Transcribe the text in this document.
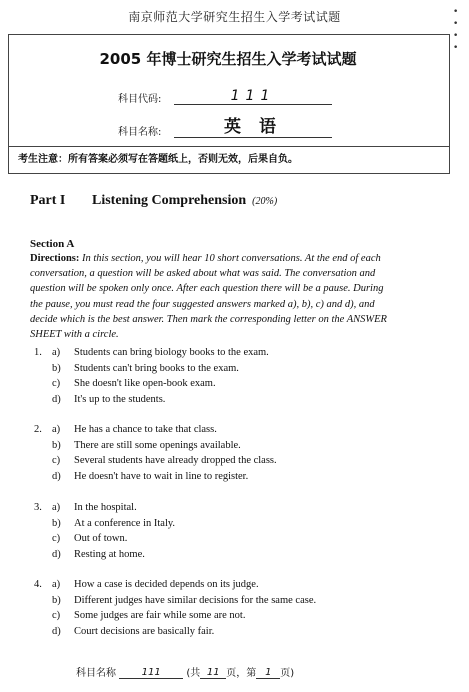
南京师范大学研究生招生入学考试试题	• • • •
2005 年博士研究生招生入学考试试题
科目代码:	111
科目名称:	英 语
考生注意：所有答案必须写在答题纸上，否则无效，后果自负。
Part I Listening Comprehension (20%)
Section A
Directions: In this section, you will hear 10 short conversations. At the end of each
conversation, a question will be asked about what was said. The conversation and
question will be spoken only once. After each question there will be a pause. During
the pause, you must read the four suggested answers marked a), b), c) and d), and
decide which is the best answer. Then mark the corresponding letter on the ANSWER
SHEET with a circle.
1. a) Students can bring biology books to the exam.
b) Students can't bring books to the exam.
c) She doesn't like open-book exam.
d) It's up to the students.
2. a) He has a chance to take that class.
b) There are still some openings available.
c) Several students have already dropped the class.
d) He doesn't have to wait in line to register.
3. a) In the hospital.
b) At a conference in Italy.
c) Out of town.
d) Resting at home.
4. a) How a case is decided depends on its judge.
b) Different judges have similar decisions for the same case.
c) Some judges are fair while some are not.
d) Court decisions are basically fair.
科目名称	111	(共 11 页，第 1 页)
